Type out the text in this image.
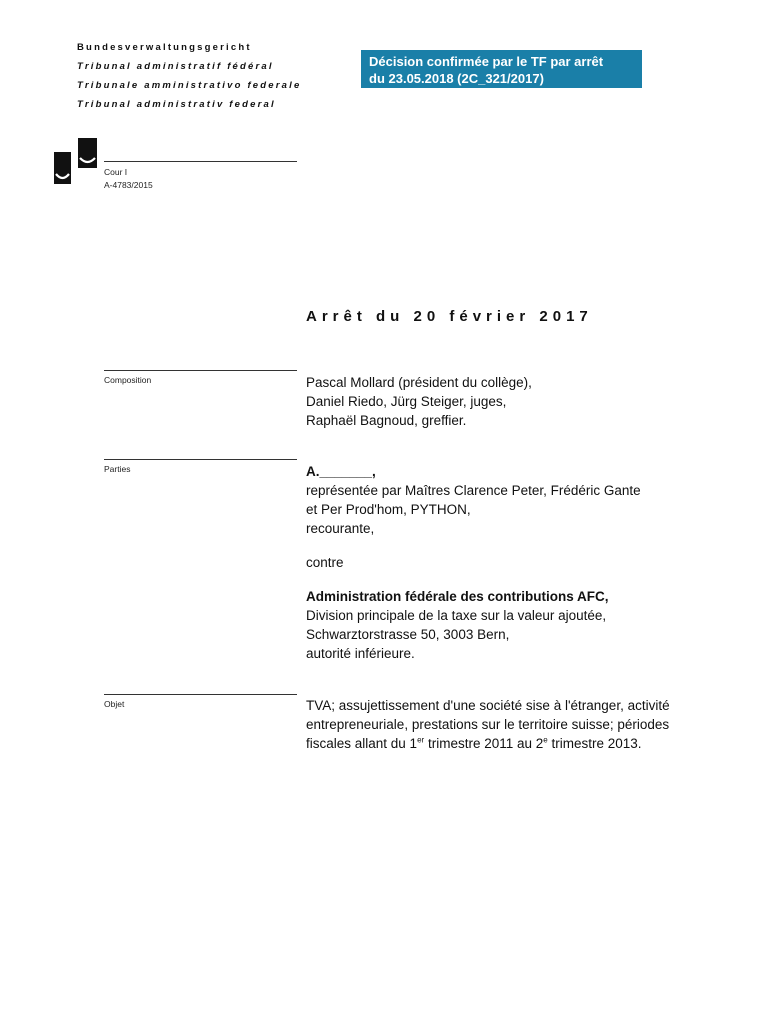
Bundesverwaltungsgericht
Tribunal administratif fédéral
Tribunale amministrativo federale
Tribunal administrativ federal
Décision confirmée par le TF par arrêt
du 23.05.2018 (2C_321/2017)
Cour I
A-4783/2015
Arrêt du 20 février 2017
Composition	Pascal Mollard (président du collège),
Daniel Riedo, Jürg Steiger, juges,
Raphaël Bagnoud, greffier.
Parties	A._______,
représentée par Maîtres Clarence Peter, Frédéric Gante
et Per Prod'hom, PYTHON,
recourante,
contre
Administration fédérale des contributions AFC,
Division principale de la taxe sur la valeur ajoutée,
Schwarztorstrasse 50, 3003 Bern,
autorité inférieure.
Objet	TVA; assujettissement d'une société sise à l'étranger, activité
entrepreneuriale, prestations sur le territoire suisse; périodes
fiscales allant du 1er trimestre 2011 au 2e trimestre 2013.
